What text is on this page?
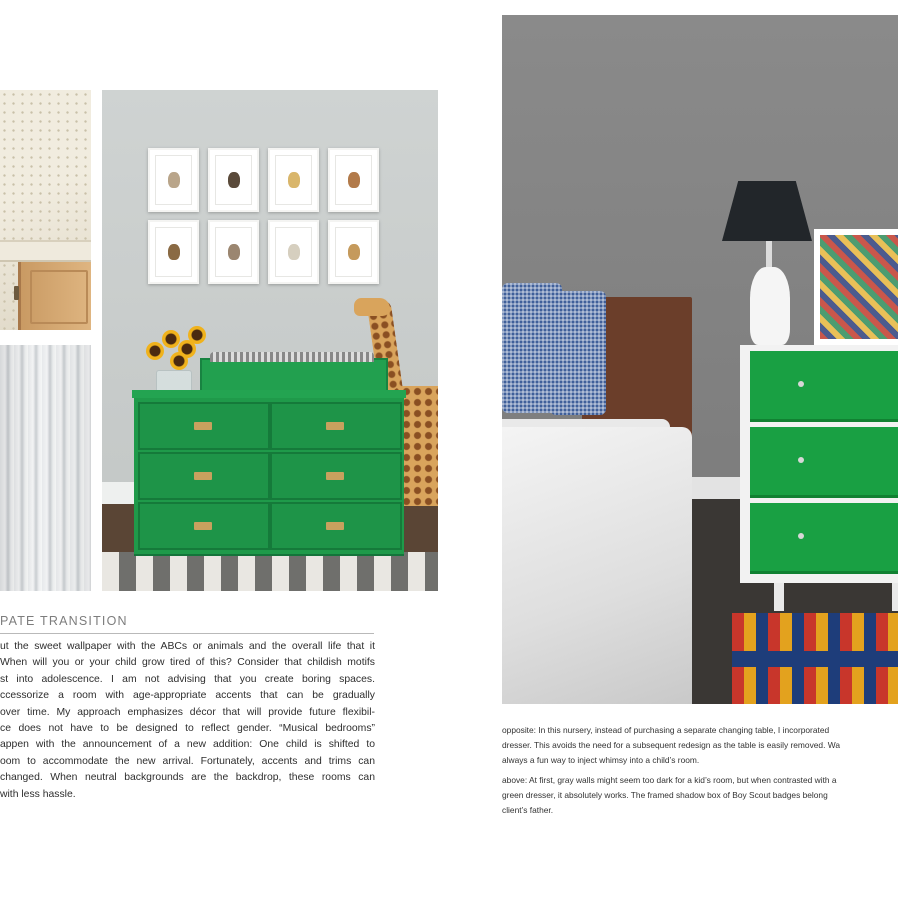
PATE TRANSITION
ut the sweet wallpaper with the ABCs or animals and the overall life that it
When will you or your child grow tired of this? Consider that childish motifs
st into adolescence. I am not advising that you create boring spaces.
ccessorize a room with age-appropriate accents that can be gradually
over time. My approach emphasizes décor that will provide future flexibil-
ce does not have to be designed to reflect gender. “Musical bedrooms”
appen with the announcement of a new addition: One child is shifted to
oom to accommodate the new arrival. Fortunately, accents and trims can
changed. When neutral backgrounds are the backdrop, these rooms can
with less hassle.
opposite: In this nursery, instead of purchasing a separate changing table, I incorporated
dresser. This avoids the need for a subsequent redesign as the table is easily removed. Wa
always a fun way to inject whimsy into a child’s room.
above: At first, gray walls might seem too dark for a kid’s room, but when contrasted with a
green dresser, it absolutely works. The framed shadow box of Boy Scout badges belong
client’s father.
